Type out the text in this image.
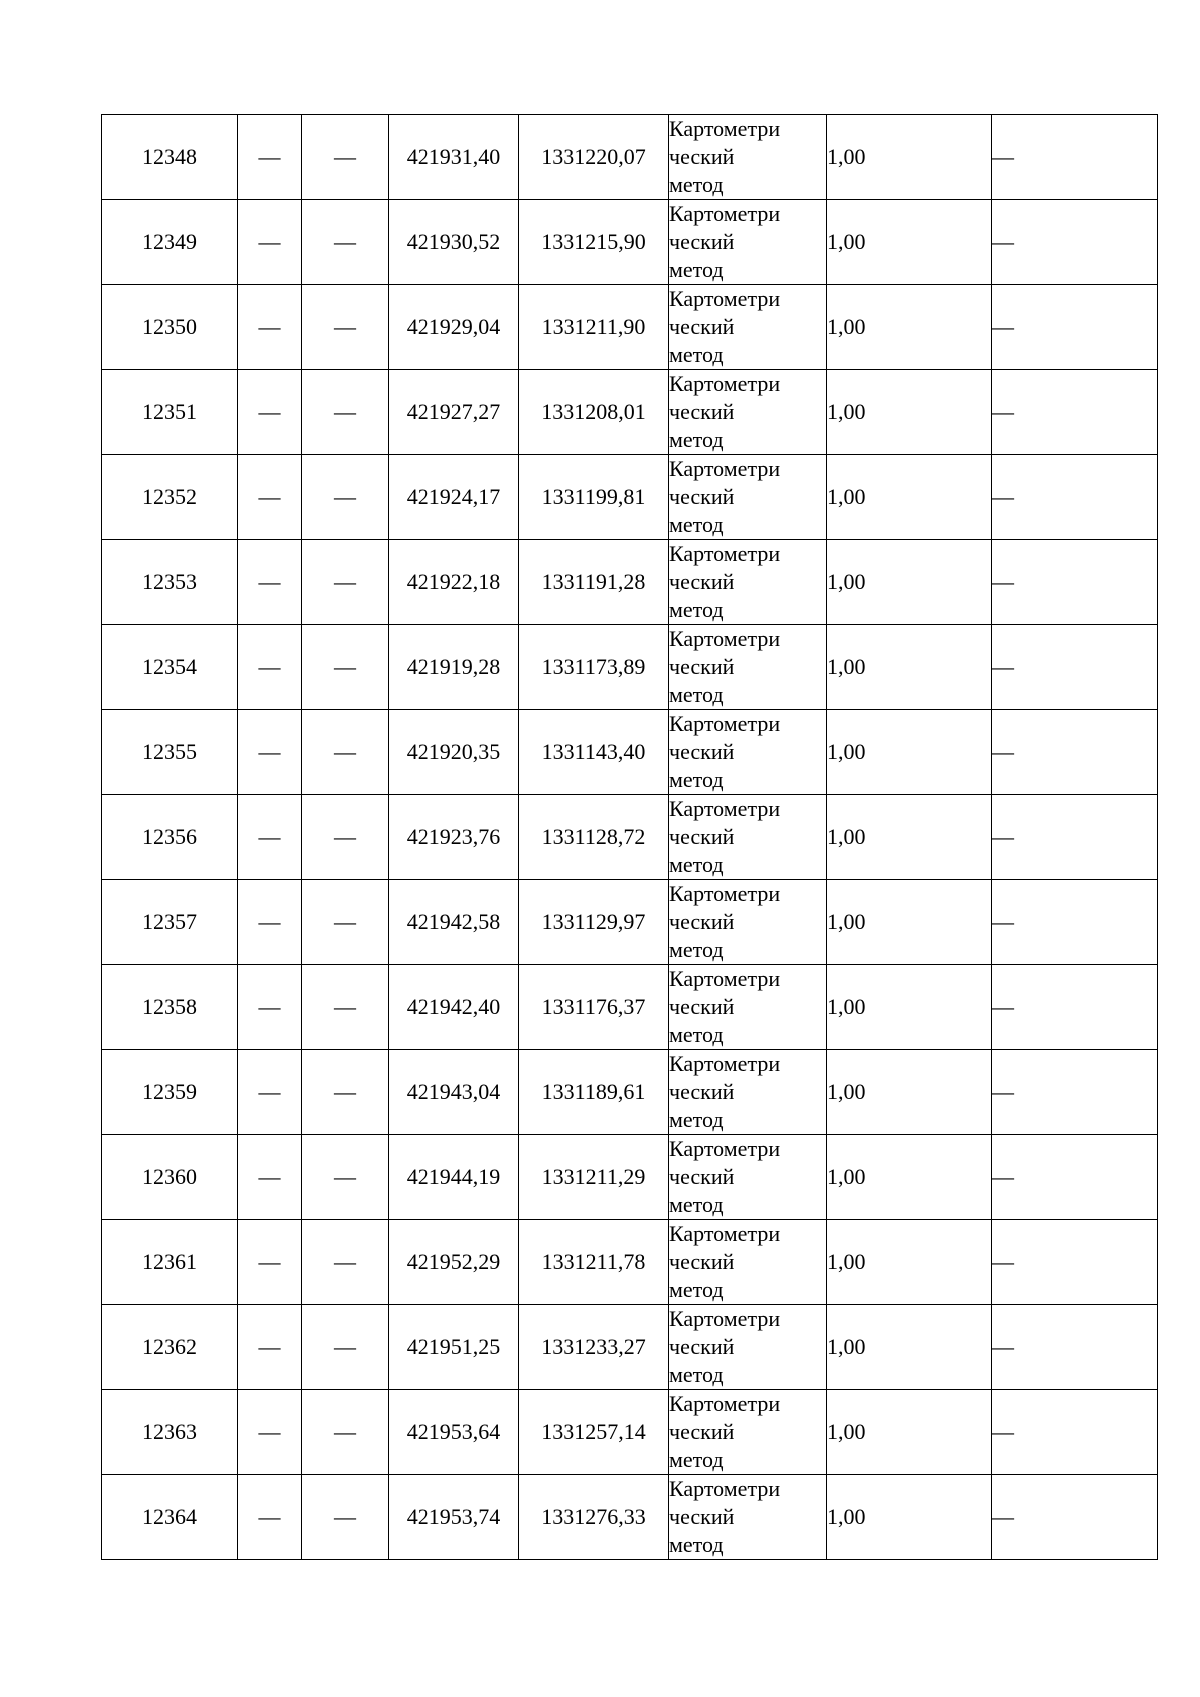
12348	—	—	421931,40	1331220,07	Картометри
ческий
метод	1,00	—
12349	—	—	421930,52	1331215,90	Картометри
ческий
метод	1,00	—
12350	—	—	421929,04	1331211,90	Картометри
ческий
метод	1,00	—
12351	—	—	421927,27	1331208,01	Картометри
ческий
метод	1,00	—
12352	—	—	421924,17	1331199,81	Картометри
ческий
метод	1,00	—
12353	—	—	421922,18	1331191,28	Картометри
ческий
метод	1,00	—
12354	—	—	421919,28	1331173,89	Картометри
ческий
метод	1,00	—
12355	—	—	421920,35	1331143,40	Картометри
ческий
метод	1,00	—
12356	—	—	421923,76	1331128,72	Картометри
ческий
метод	1,00	—
12357	—	—	421942,58	1331129,97	Картометри
ческий
метод	1,00	—
12358	—	—	421942,40	1331176,37	Картометри
ческий
метод	1,00	—
12359	—	—	421943,04	1331189,61	Картометри
ческий
метод	1,00	—
12360	—	—	421944,19	1331211,29	Картометри
ческий
метод	1,00	—
12361	—	—	421952,29	1331211,78	Картометри
ческий
метод	1,00	—
12362	—	—	421951,25	1331233,27	Картометри
ческий
метод	1,00	—
12363	—	—	421953,64	1331257,14	Картометри
ческий
метод	1,00	—
12364	—	—	421953,74	1331276,33	Картометри
ческий
метод	1,00	—
